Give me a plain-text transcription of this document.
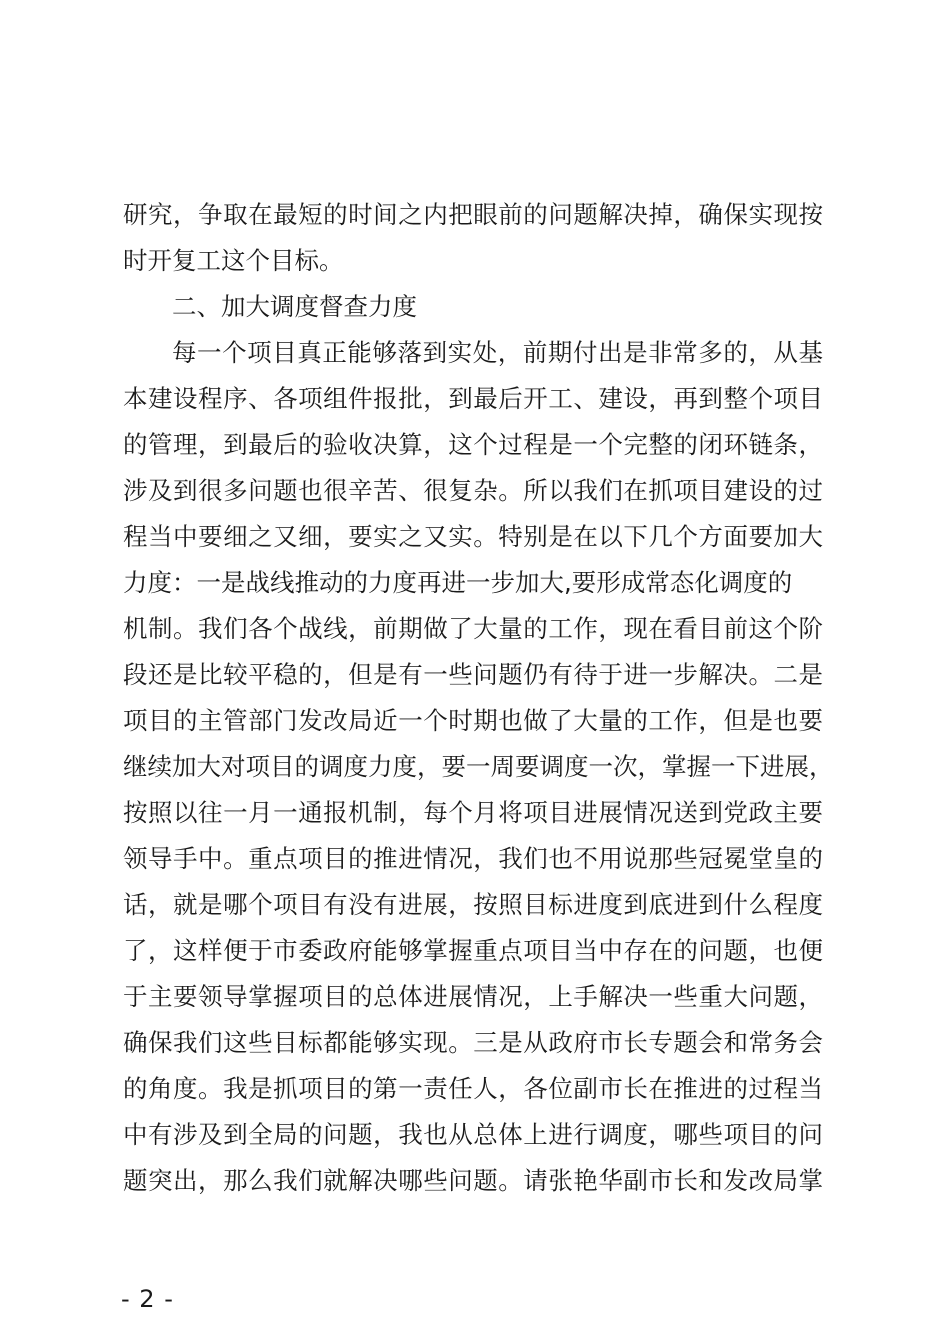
研究，争取在最短的时间之内把眼前的问题解决掉，确保实现按
时开复工这个目标。
二、加大调度督查力度
每一个项目真正能够落到实处，前期付出是非常多的，从基
本建设程序、各项组件报批，到最后开工、建设，再到整个项目
的管理，到最后的验收决算，这个过程是一个完整的闭环链条，
涉及到很多问题也很辛苦、很复杂。所以我们在抓项目建设的过
程当中要细之又细，要实之又实。特别是在以下几个方面要加大
力度：一是战线推动的力度再进一步加大,要形成常态化调度的
机制。我们各个战线，前期做了大量的工作，现在看目前这个阶
段还是比较平稳的，但是有一些问题仍有待于进一步解决。二是
项目的主管部门发改局近一个时期也做了大量的工作，但是也要
继续加大对项目的调度力度，要一周要调度一次，掌握一下进展，
按照以往一月一通报机制，每个月将项目进展情况送到党政主要
领导手中。重点项目的推进情况，我们也不用说那些冠冕堂皇的
话，就是哪个项目有没有进展，按照目标进度到底进到什么程度
了，这样便于市委政府能够掌握重点项目当中存在的问题，也便
于主要领导掌握项目的总体进展情况，上手解决一些重大问题，
确保我们这些目标都能够实现。三是从政府市长专题会和常务会
的角度。我是抓项目的第一责任人，各位副市长在推进的过程当
中有涉及到全局的问题，我也从总体上进行调度，哪些项目的问
题突出，那么我们就解决哪些问题。请张艳华副市长和发改局掌
- 2 -
